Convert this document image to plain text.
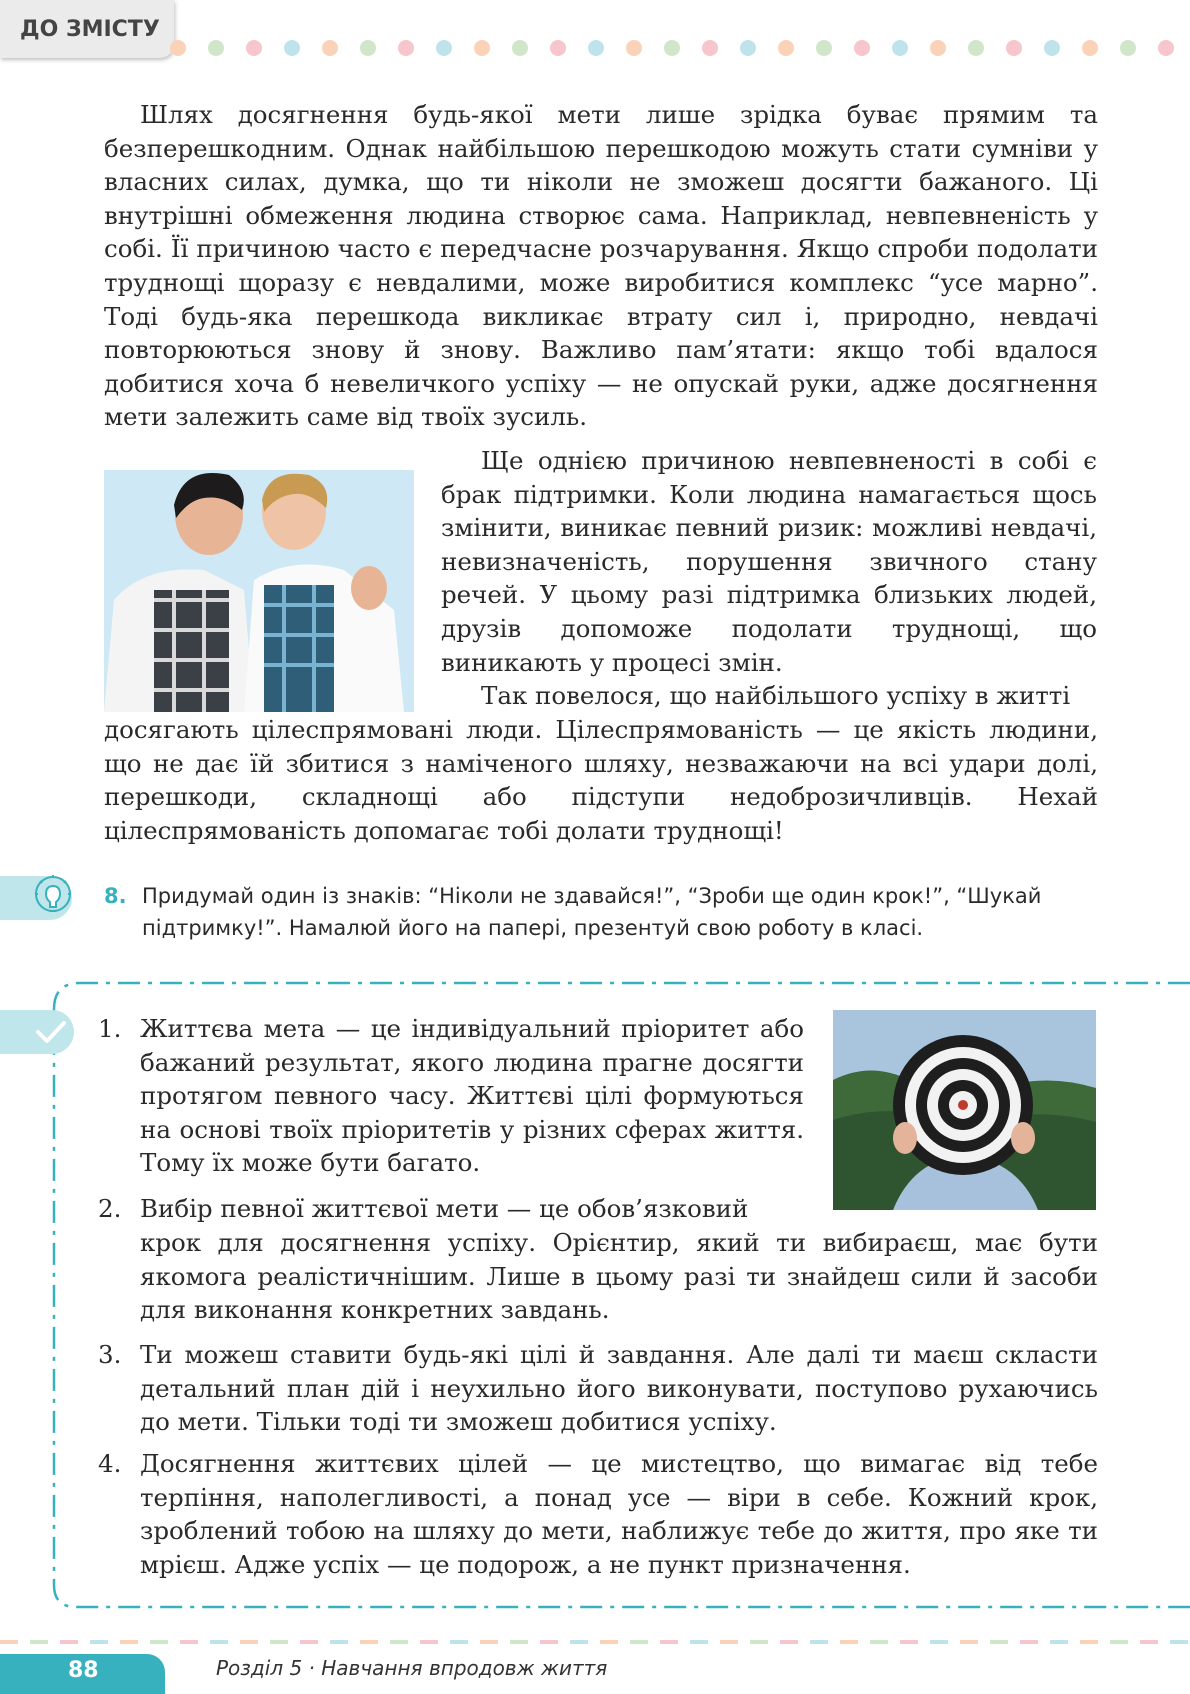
ДО ЗМІСТУ

Шлях досягнення будь-якої мети лише зрідка буває прямим та безперешкодним. Однак найбільшою перешкодою можуть стати сумніви у власних силах, думка, що ти ніколи не зможеш досягти бажаного. Ці внутрішні обмеження людина створює сама. Наприклад, невпевненість у собі. Її причиною часто є передчасне розчарування. Якщо спроби подолати труднощі щоразу є невдалими, може виробитися комплекс “усе марно”. Тоді будь-яка перешкода викликає втрату сил і, природно, невдачі повторюються знову й знову. Важливо пам’ятати: якщо тобі вдалося добитися хоча б невеличкого успіху — не опускай руки, адже досягнення мети залежить саме від твоїх зусиль.

Ще однією причиною невпевненості в собі є брак підтримки. Коли людина намагається щось змінити, виникає певний ризик: можливі невдачі, невизначеність, порушення звичного стану речей. У цьому разі підтримка близьких людей, друзів допоможе подолати труднощі, що виникають у процесі змін.

Так повелося, що найбільшого успіху в житті

досягають цілеспрямовані люди. Цілеспрямованість — це якість людини, що не дає їй збитися з наміченого шляху, незважаючи на всі удари долі, перешкоди, складнощі або підступи недоброзичливців. Нехай цілеспрямованість допомагає тобі долати труднощі!

8. Придумай один із знаків: “Ніколи не здавайся!”, “Зроби ще один крок!”, “Шукай підтримку!”. Намалюй його на папері, презентуй свою роботу в класі.

1. Життєва мета — це індивідуальний пріоритет або бажаний результат, якого людина прагне досягти протягом певного часу. Життєві цілі формуються на основі твоїх пріоритетів у різних сферах життя. Тому їх може бути багато.

2. Вибір певної життєвої мети — це обов’язковий

крок для досягнення успіху. Орієнтир, який ти вибираєш, має бути якомога реалістичнішим. Лише в цьому разі ти знайдеш сили й засоби для виконання конкретних завдань.

3. Ти можеш ставити будь-які цілі й завдання. Але далі ти маєш скласти детальний план дій і неухильно його виконувати, поступово рухаючись до мети. Тільки тоді ти зможеш добитися успіху.

4. Досягнення життєвих цілей — це мистецтво, що вимагає від тебе терпіння, наполегливості, а понад усе — віри в себе. Кожний крок, зроблений тобою на шляху до мети, наближує тебе до життя, про яке ти мрієш. Адже успіх — це подорож, а не пункт призначення.

88	Розділ 5 · Навчання впродовж життя
